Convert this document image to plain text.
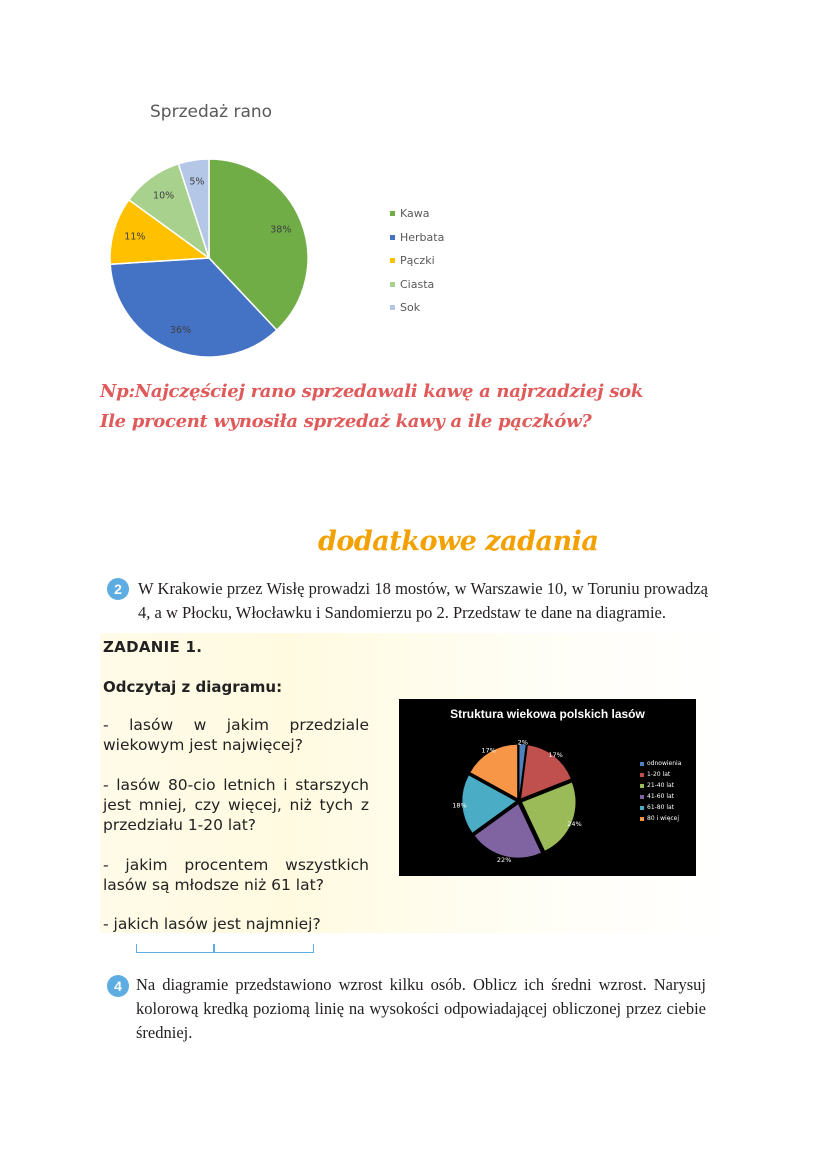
Sprzedaż rano
38%
36%
11%
10%
5%
Kawa
Herbata
Pączki
Ciasta
Sok
Np:Najczęściej rano sprzedawali kawę a najrzadziej sok
Ile procent wynosiła sprzedaż kawy a ile pączków?
dodatkowe zadania
2 W Krakowie przez Wisłę prowadzi 18 mostów, w Warszawie 10, w Toruniu prowadzą 4, a w Płocku, Włocławku i Sandomierzu po 2. Przedstaw te dane na diagramie.
ZADANIE 1.
Odczytaj z diagramu:
- lasów w jakim przedziale
wiekowym jest najwięcej?
- lasów 80-cio letnich i starszych jest mniej, czy więcej, niż tych z przedziału 1-20 lat?
- jakim procentem wszystkich
lasów są młodsze niż 61 lat?
- jakich lasów jest najmniej?
Struktura wiekowa polskich lasów
2%
17%
24%
22%
18%
17%
odnowienia
1-20 lat
21-40 lat
41-60 lat
61-80 lat
80 i więcej
4 Na diagramie przedstawiono wzrost kilku osób. Oblicz ich średni wzrost. Narysuj kolorową kredką poziomą linię na wysokości odpowiadającej obliczonej przez ciebie średniej.
